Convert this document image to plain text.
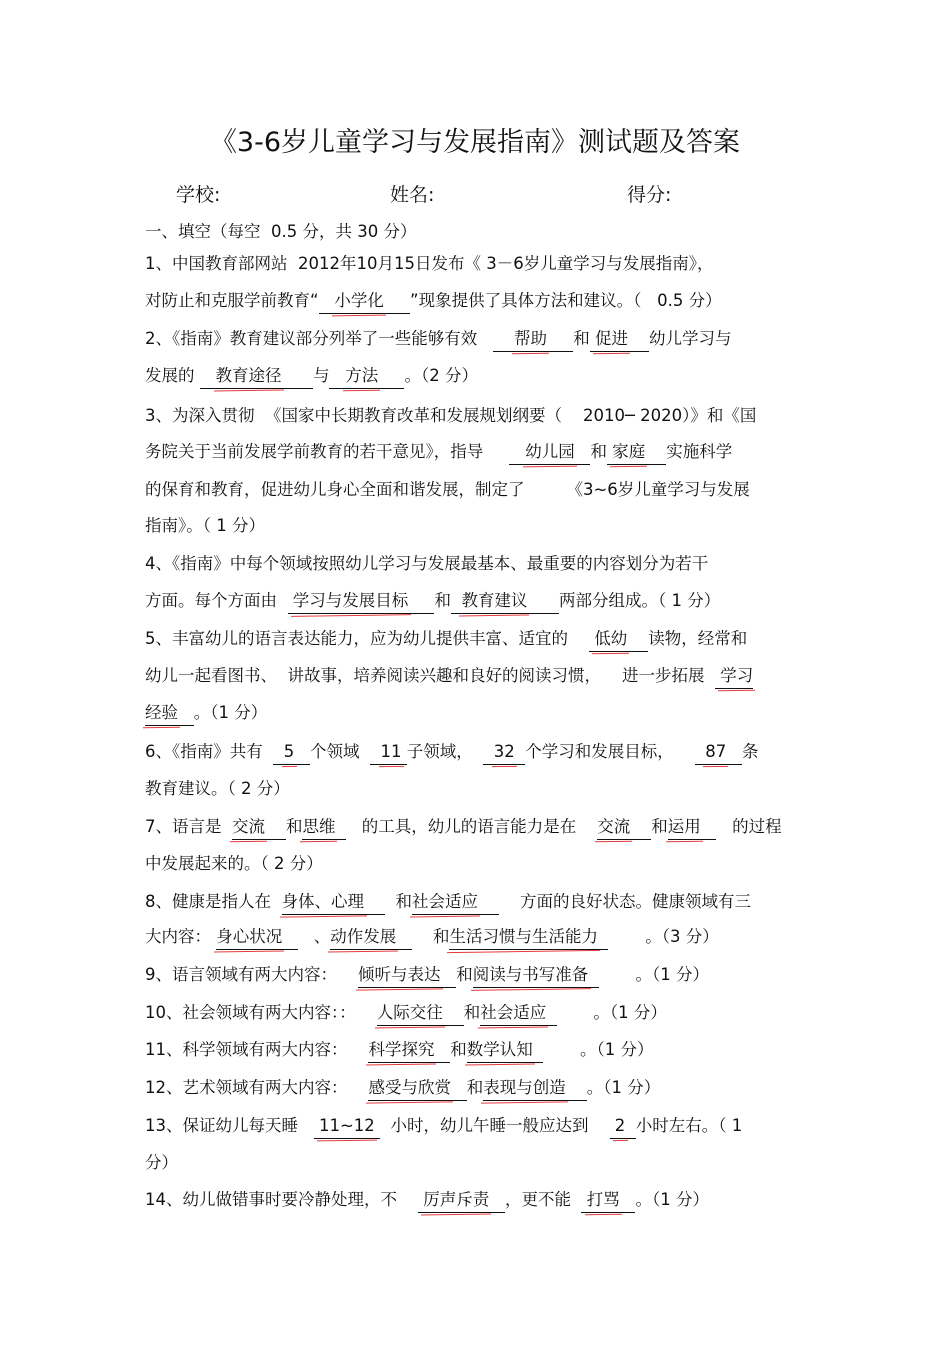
《3-6岁儿童学习与发展指南》测试题及答案
学校:	姓名:	得分:
一、填空（每空  0.5 分，共 30 分）
1、中国教育部网站  2012年10月15日发布《 3－6岁儿童学习与发展指南》，
对防止和克服学前教育“ 小学化 ”现象提供了具体方法和建议。（   0.5 分）
2、《指南》教育建议部分列举了一些能够有效       帮助 和 促进 幼儿学习与
发展的    教育途径 与 方法 。（2 分）
3、为深入贯彻  《国家中长期教育改革和发展规划纲要（    2010─ 2020）》和《国
务院关于当前发展学前教育的若干意见》，指导        幼儿园 和 家庭 实施科学
的保育和教育，促进幼儿身心全面和谐发展，制定了        《3~6岁儿童学习与发展
指南》。（ 1 分）
4、《指南》中每个领域按照幼儿学习与发展最基本、最重要的内容划分为若干
方面。每个方面由   学习与发展目标 和 教育建议 两部分组成。（ 1 分）
5、丰富幼儿的语言表达能力，应为幼儿提供丰富、适宜的     低幼 读物，经常和
幼儿一起看图书、  讲故事，培养阅读兴趣和良好的阅读习惯，    进一步拓展   学习
经验 。（1 分）
6、《指南》共有    5 个领域    11 子领域，    32 个学习和发展目标，      87 条
教育建议。（ 2 分）
7、语言是  交流 和思维     的工具，幼儿的语言能力是在    交流 和运用      的过程
中发展起来的。（ 2 分）
8、健康是指人在  身体、心理      和社会适应        方面的良好状态。健康领域有三
大内容： 身心状况      、动作发展       和生活习惯与生活能力         。（3 分）
9、语言领域有两大内容：    倾听与表达 和阅读与书写准备         。（1 分）
10、社会领域有两大内容：：    人际交往 和社会适应         。（1 分）
11、科学领域有两大内容：    科学探究 和数学认知         。（1 分）
12、艺术领域有两大内容：    感受与欣赏 和表现与创造 。（1 分）
13、保证幼儿每天睡    11~12   小时，幼儿午睡一般应达到     2 小时左右。（ 1
分）
14、幼儿做错事时要冷静处理，不     厉声斥责 ，更不能   打骂 。（1 分）
